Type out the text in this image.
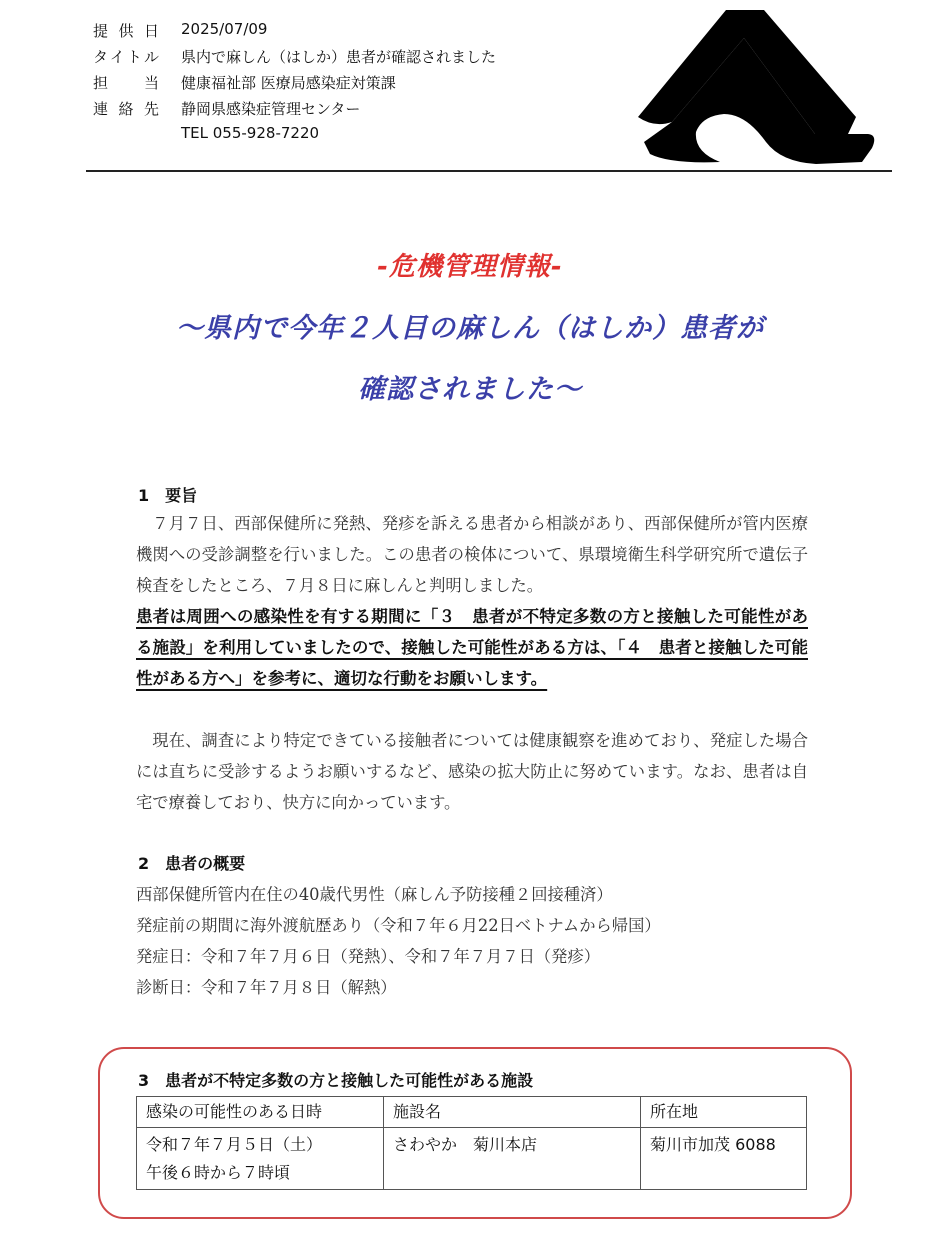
提供日 2025/07/09
タイトル 県内で麻しん（はしか）患者が確認されました
担 当 健康福祉部 医療局感染症対策課
連絡先 静岡県感染症管理センター
TEL 055-928-7220
-危機管理情報-
～県内で今年２人目の麻しん（はしか）患者が
確認されました～
1　要旨
７月７日、西部保健所に発熱、発疹を訴える患者から相談があり、西部保健所が管内医療機関への受診調整を行いました。この患者の検体について、県環境衛生科学研究所で遺伝子検査をしたところ、７月８日に麻しんと判明しました。
患者は周囲への感染性を有する期間に「３　患者が不特定多数の方と接触した可能性がある施設」を利用していましたので、接触した可能性がある方は、「４　患者と接触した可能性がある方へ」を参考に、適切な行動をお願いします。
現在、調査により特定できている接触者については健康観察を進めており、発症した場合には直ちに受診するようお願いするなど、感染の拡大防止に努めています。なお、患者は自宅で療養しており、快方に向かっています。
2　患者の概要
西部保健所管内在住の40歳代男性（麻しん予防接種２回接種済）
発症前の期間に海外渡航歴あり（令和７年６月22日ベトナムから帰国）
発症日：令和７年７月６日（発熱）、令和７年７月７日（発疹）
診断日：令和７年７月８日（解熱）
3　患者が不特定多数の方と接触した可能性がある施設
感染の可能性のある日時	施設名	所在地
令和７年７月５日（土）
午後６時から７時頃	さわやか　菊川本店	菊川市加茂 6088
